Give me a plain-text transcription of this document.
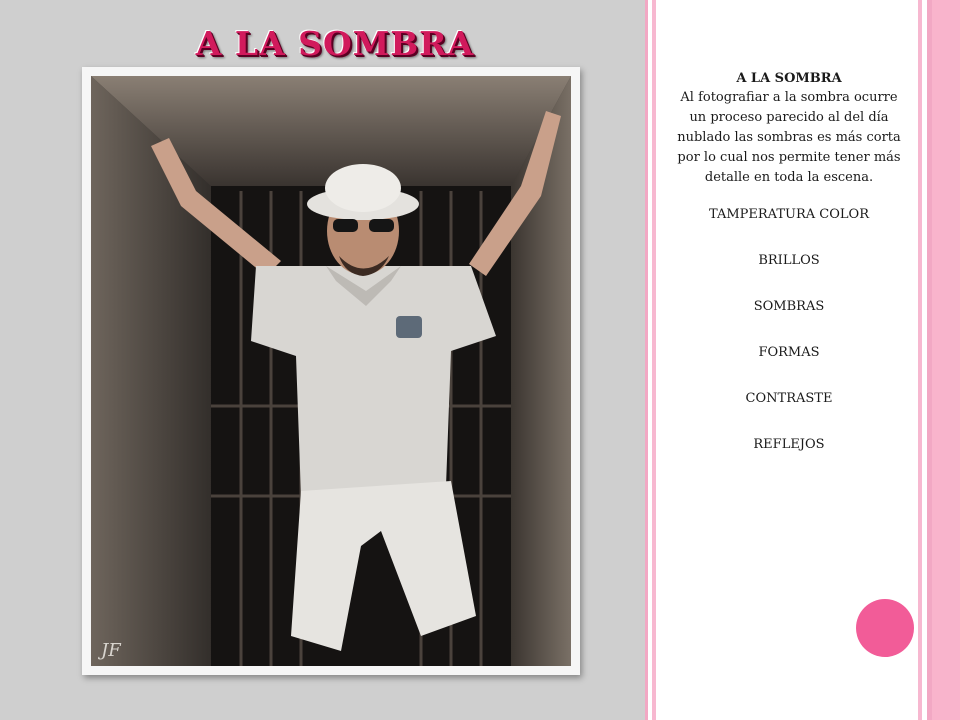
A LA SOMBRA
JF

A LA SOMBRA

Al fotografiar a la sombra ocurre un proceso parecido al del día nublado las sombras es más corta por lo cual nos permite tener más detalle en toda la escena.

TAMPERATURA COLOR
BRILLOS
SOMBRAS
FORMAS
CONTRASTE
REFLEJOS
